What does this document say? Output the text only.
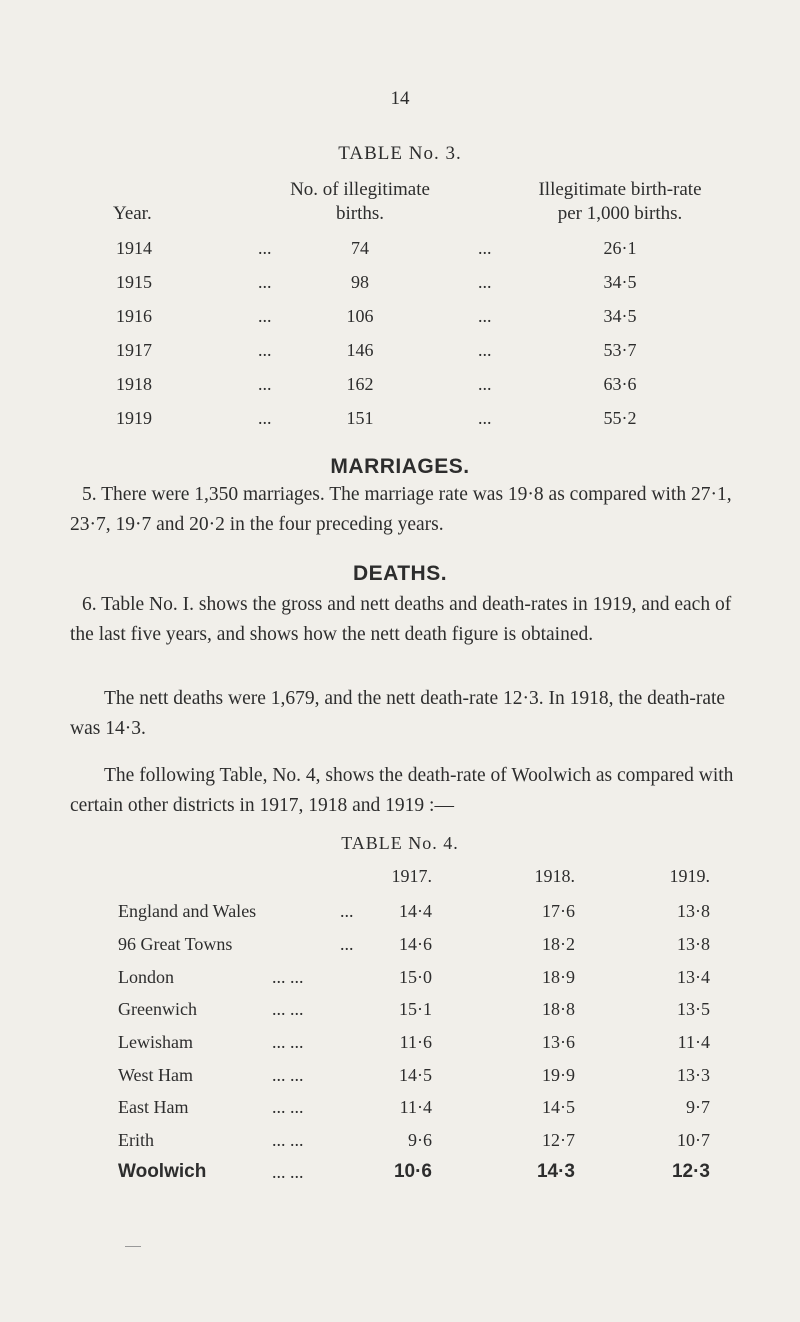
14
TABLE No. 3.
No. of illegitimate
births.
Illegitimate birth-rate
per 1,000 births.
Year.
1914	...	74	...	26·1
1915	...	98	...	34·5
1916	...	106	...	34·5
1917	...	146	...	53·7
1918	...	162	...	63·6
1919	...	151	...	55·2
MARRIAGES.
5. There were 1,350 marriages. The marriage rate was 19·8 as compared with 27·1, 23·7, 19·7 and 20·2 in the four preceding years.
DEATHS.
6. Table No. I. shows the gross and nett deaths and death-rates in 1919, and each of the last five years, and shows how the nett death figure is obtained.
The nett deaths were 1,679, and the nett death-rate 12·3. In 1918, the death-rate was 14·3.
The following Table, No. 4, shows the death-rate of Woolwich as compared with certain other districts in 1917, 1918 and 1919 :—
TABLE No. 4.
1917.	1918.	1919.
England and Wales	...	14·4	17·6	13·8
96 Great Towns	...	14·6	18·2	13·8
London	... ...	15·0	18·9	13·4
Greenwich	... ...	15·1	18·8	13·5
Lewisham	... ...	11·6	13·6	11·4
West Ham	... ...	14·5	19·9	13·3
East Ham	... ...	11·4	14·5	9·7
Erith	... ...	9·6	12·7	10·7
Woolwich	... ...	10·6	14·3	12·3
